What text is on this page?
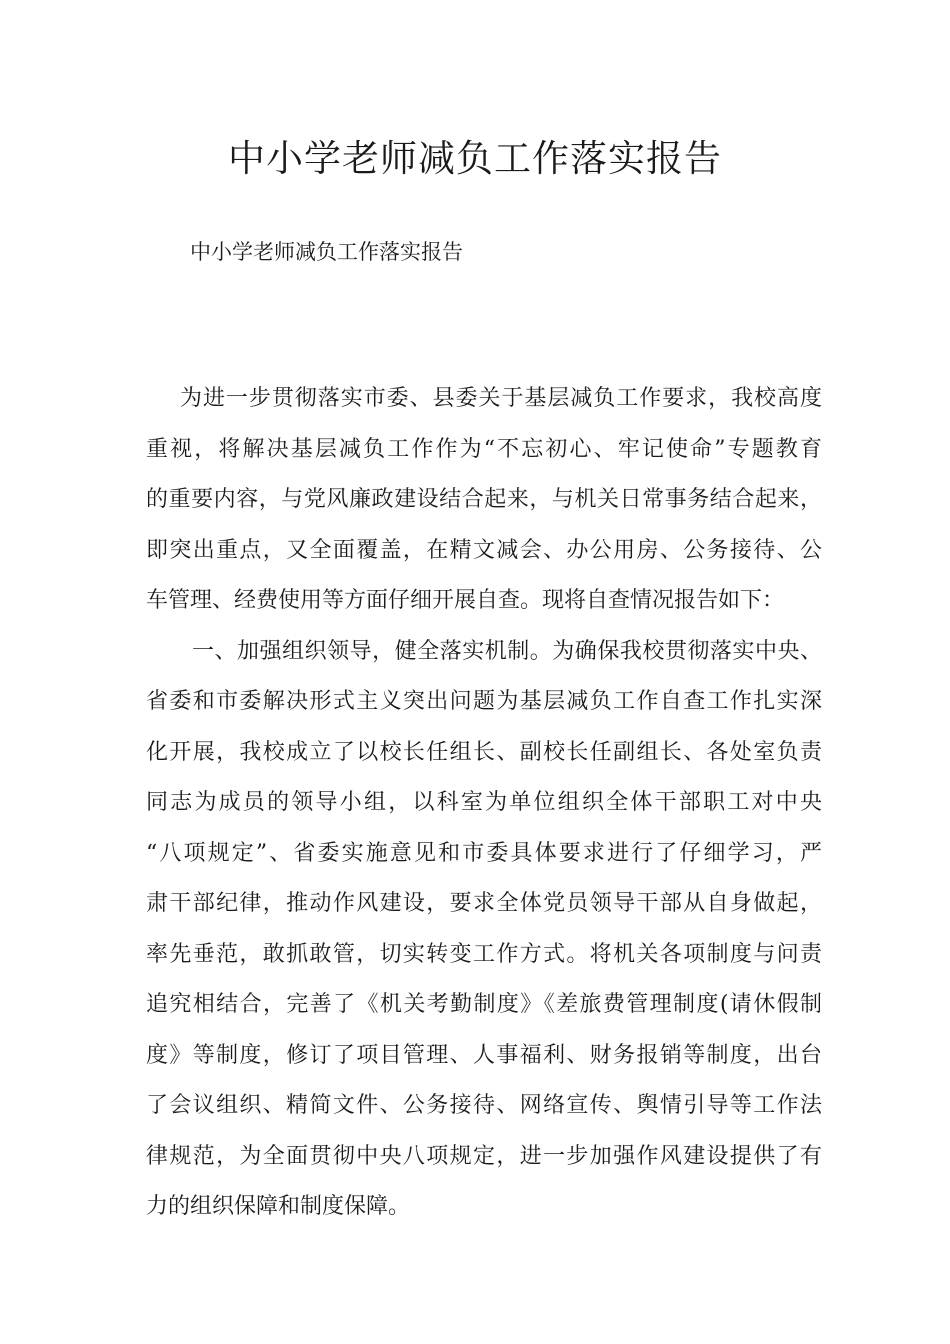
中小学老师减负工作落实报告

中小学老师减负工作落实报告

为进一步贯彻落实市委、县委关于基层减负工作要求，我校高度
重视，将解决基层减负工作作为“不忘初心、牢记使命”专题教育
的重要内容，与党风廉政建设结合起来，与机关日常事务结合起来，
即突出重点，又全面覆盖，在精文减会、办公用房、公务接待、公
车管理、经费使用等方面仔细开展自查。现将自查情况报告如下：
一、加强组织领导，健全落实机制。为确保我校贯彻落实中央、
省委和市委解决形式主义突出问题为基层减负工作自查工作扎实深
化开展，我校成立了以校长任组长、副校长任副组长、各处室负责
同志为成员的领导小组，以科室为单位组织全体干部职工对中央
“八项规定”、省委实施意见和市委具体要求进行了仔细学习，严
肃干部纪律，推动作风建设，要求全体党员领导干部从自身做起，
率先垂范，敢抓敢管，切实转变工作方式。将机关各项制度与问责
追究相结合，完善了《机关考勤制度》《差旅费管理制度(请休假制
度》等制度，修订了项目管理、人事福利、财务报销等制度，出台
了会议组织、精简文件、公务接待、网络宣传、舆情引导等工作法
律规范，为全面贯彻中央八项规定，进一步加强作风建设提供了有
力的组织保障和制度保障。
